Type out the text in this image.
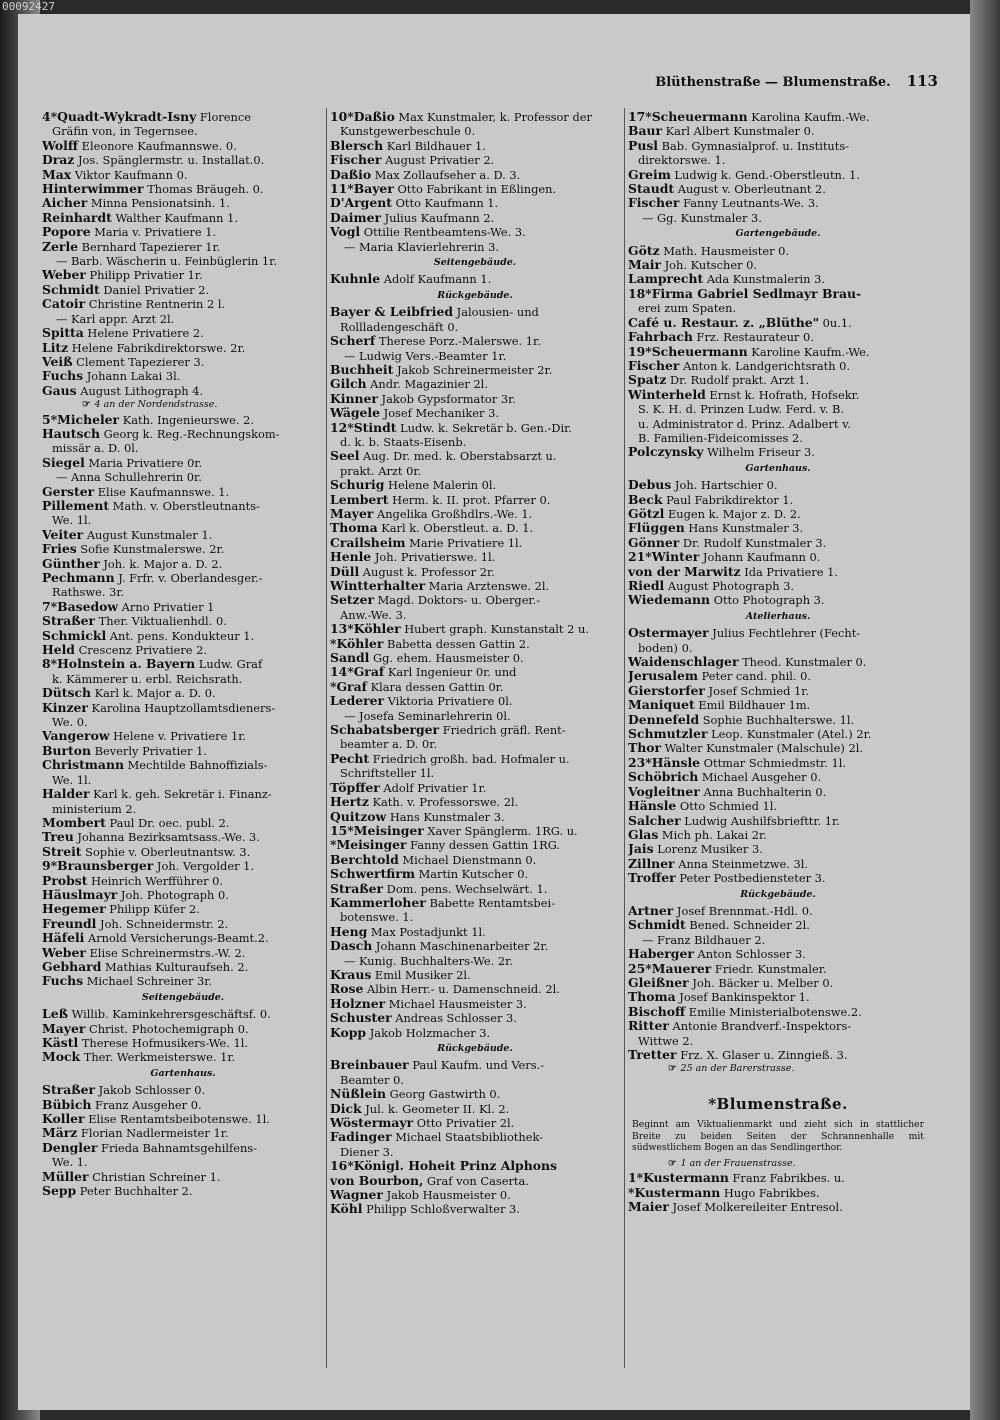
00092427
Blüthenstraße — Blumenstraße. 113
4*Quadt-Wykradt-Isny Florence
Gräfin von, in Tegernsee.
Wolff Eleonore Kaufmannswe. 0.
Draz Jos. Spänglermstr. u. Installat.0.
Max Viktor Kaufmann 0.
Hinterwimmer Thomas Bräugeh. 0.
Aicher Minna Pensionatsinh. 1.
Reinhardt Walther Kaufmann 1.
Popore Maria v. Privatiere 1.
Zerle Bernhard Tapezierer 1r.
— Barb. Wäscherin u. Feinbüglerin 1r.
Weber Philipp Privatier 1r.
Schmidt Daniel Privatier 2.
Catoir Christine Rentnerin 2 l.
— Karl appr. Arzt 2l.
Spitta Helene Privatiere 2.
Litz Helene Fabrikdirektorswe. 2r.
Veiß Clement Tapezierer 3.
Fuchs Johann Lakai 3l.
Gaus August Lithograph 4.
☞ 4 an der Nordendstrasse.
5*Micheler Kath. Ingenieurswe. 2.
Hautsch Georg k. Reg.-Rechnungskom-
missär a. D. 0l.
Siegel Maria Privatiere 0r.
— Anna Schullehrerin 0r.
Gerster Elise Kaufmannswe. 1.
Pillement Math. v. Oberstleutnants-
We. 1l.
Veiter August Kunstmaler 1.
Fries Sofie Kunstmalerswe. 2r.
Günther Joh. k. Major a. D. 2.
Pechmann J. Frfr. v. Oberlandesger.-
Rathswe. 3r.
7*Basedow Arno Privatier 1
Straßer Ther. Viktualienhdl. 0.
Schmickl Ant. pens. Kondukteur 1.
Held Crescenz Privatiere 2.
8*Holnstein a. Bayern Ludw. Graf
k. Kämmerer u. erbl. Reichsrath.
Dütsch Karl k. Major a. D. 0.
Kinzer Karolina Hauptzollamtsdieners-
We. 0.
Vangerow Helene v. Privatiere 1r.
Burton Beverly Privatier 1.
Christmann Mechtilde Bahnoffizials-
We. 1l.
Halder Karl k. geh. Sekretär i. Finanz-
ministerium 2.
Mombert Paul Dr. oec. publ. 2.
Treu Johanna Bezirksamtsass.-We. 3.
Streit Sophie v. Oberleutnantsw. 3.
9*Braunsberger Joh. Vergolder 1.
Probst Heinrich Werfführer 0.
Häuslmayr Joh. Photograph 0.
Hegemer Philipp Küfer 2.
Freundl Joh. Schneidermstr. 2.
Häfeli Arnold Versicherungs-Beamt.2.
Weber Elise Schreinermstrs.-W. 2.
Gebhard Mathias Kulturaufseh. 2.
Fuchs Michael Schreiner 3r.
Seitengebäude.
Leß Willib. Kaminkehrersgeschäftsf. 0.
Mayer Christ. Photochemigraph 0.
Kästl Therese Hofmusikers-We. 1l.
Mock Ther. Werkmeisterswe. 1r.
Gartenhaus.
Straßer Jakob Schlosser 0.
Bübich Franz Ausgeher 0.
Koller Elise Rentamtsbeibotenswe. 1l.
März Florian Nadlermeister 1r.
Dengler Frieda Bahnamtsgehilfens-
We. 1.
Müller Christian Schreiner 1.
Sepp Peter Buchhalter 2.
10*Daßio Max Kunstmaler, k. Professor der
Kunstgewerbeschule 0.
Blersch Karl Bildhauer 1.
Fischer August Privatier 2.
Daßio Max Zollaufseher a. D. 3.
11*Bayer Otto Fabrikant in Eßlingen.
D'Argent Otto Kaufmann 1.
Daimer Julius Kaufmann 2.
Vogl Ottilie Rentbeamtens-We. 3.
— Maria Klavierlehrerin 3.
Seitengebäude.
Kuhnle Adolf Kaufmann 1.
Rückgebäude.
Bayer & Leibfried Jalousien- und
Rollladengeschäft 0.
Scherf Therese Porz.-Malerswe. 1r.
— Ludwig Vers.-Beamter 1r.
Buchheit Jakob Schreinermeister 2r.
Gilch Andr. Magazinier 2l.
Kinner Jakob Gypsformator 3r.
Wägele Josef Mechaniker 3.
12*Stindt Ludw. k. Sekretär b. Gen.-Dir.
d. k. b. Staats-Eisenb.
Seel Aug. Dr. med. k. Oberstabsarzt u.
prakt. Arzt 0r.
Schurig Helene Malerin 0l.
Lembert Herm. k. II. prot. Pfarrer 0.
Mayer Angelika Großhdlrs.-We. 1.
Thoma Karl k. Oberstleut. a. D. 1.
Crailsheim Marie Privatiere 1l.
Henle Joh. Privatierswe. 1l.
Düll August k. Professor 2r.
Wintterhalter Maria Arztenswe. 2l.
Setzer Magd. Doktors- u. Oberger.-
Anw.-We. 3.
13*Köhler Hubert graph. Kunstanstalt 2 u.
*Köhler Babetta dessen Gattin 2.
Sandl Gg. ehem. Hausmeister 0.
14*Graf Karl Ingenieur 0r. und
*Graf Klara dessen Gattin 0r.
Lederer Viktoria Privatiere 0l.
— Josefa Seminarlehrerin 0l.
Schabatsberger Friedrich gräfl. Rent-
beamter a. D. 0r.
Pecht Friedrich großh. bad. Hofmaler u.
Schriftsteller 1l.
Töpffer Adolf Privatier 1r.
Hertz Kath. v. Professorswe. 2l.
Quitzow Hans Kunstmaler 3.
15*Meisinger Xaver Spänglerm. 1RG. u.
*Meisinger Fanny dessen Gattin 1RG.
Berchtold Michael Dienstmann 0.
Schwertfirm Martin Kutscher 0.
Straßer Dom. pens. Wechselwärt. 1.
Kammerloher Babette Rentamtsbei-
botenswe. 1.
Heng Max Postadjunkt 1l.
Dasch Johann Maschinenarbeiter 2r.
— Kunig. Buchhalters-We. 2r.
Kraus Emil Musiker 2l.
Rose Albin Herr.- u. Damenschneid. 2l.
Holzner Michael Hausmeister 3.
Schuster Andreas Schlosser 3.
Kopp Jakob Holzmacher 3.
Rückgebäude.
Breinbauer Paul Kaufm. und Vers.-
Beamter 0.
Nüßlein Georg Gastwirth 0.
Dick Jul. k. Geometer II. Kl. 2.
Wöstermayr Otto Privatier 2l.
Fadinger Michael Staatsbibliothek-
Diener 3.
16*Königl. Hoheit Prinz Alphons
von Bourbon, Graf von Caserta.
Wagner Jakob Hausmeister 0.
Köhl Philipp Schloßverwalter 3.
17*Scheuermann Karolina Kaufm.-We.
Baur Karl Albert Kunstmaler 0.
Pusl Bab. Gymnasialprof. u. Instituts-
direktorswe. 1.
Greim Ludwig k. Gend.-Oberstleutn. 1.
Staudt August v. Oberleutnant 2.
Fischer Fanny Leutnants-We. 3.
— Gg. Kunstmaler 3.
Gartengebäude.
Götz Math. Hausmeister 0.
Mair Joh. Kutscher 0.
Lamprecht Ada Kunstmalerin 3.
18*Firma Gabriel Sedlmayr Brau-
erei zum Spaten.
Café u. Restaur. z. „Blüthe" 0u.1.
Fahrbach Frz. Restaurateur 0.
19*Scheuermann Karoline Kaufm.-We.
Fischer Anton k. Landgerichtsrath 0.
Spatz Dr. Rudolf prakt. Arzt 1.
Winterheld Ernst k. Hofrath, Hofsekr.
S. K. H. d. Prinzen Ludw. Ferd. v. B.
u. Administrator d. Prinz. Adalbert v.
B. Familien-Fideicomisses 2.
Polczynsky Wilhelm Friseur 3.
Gartenhaus.
Debus Joh. Hartschier 0.
Beck Paul Fabrikdirektor 1.
Götzl Eugen k. Major z. D. 2.
Flüggen Hans Kunstmaler 3.
Gönner Dr. Rudolf Kunstmaler 3.
21*Winter Johann Kaufmann 0.
von der Marwitz Ida Privatiere 1.
Riedl August Photograph 3.
Wiedemann Otto Photograph 3.
Atelierhaus.
Ostermayer Julius Fechtlehrer (Fecht-
boden) 0.
Waidenschlager Theod. Kunstmaler 0.
Jerusalem Peter cand. phil. 0.
Gierstorfer Josef Schmied 1r.
Maniquet Emil Bildhauer 1m.
Dennefeld Sophie Buchhalterswe. 1l.
Schmutzler Leop. Kunstmaler (Atel.) 2r.
Thor Walter Kunstmaler (Malschule) 2l.
23*Hänsle Ottmar Schmiedmstr. 1l.
Schöbrich Michael Ausgeher 0.
Vogleitner Anna Buchhalterin 0.
Hänsle Otto Schmied 1l.
Salcher Ludwig Aushilfsbriefttr. 1r.
Glas Mich ph. Lakai 2r.
Jais Lorenz Musiker 3.
Zillner Anna Steinmetzwe. 3l.
Troffer Peter Postbediensteter 3.
Rückgebäude.
Artner Josef Brennmat.-Hdl. 0.
Schmidt Bened. Schneider 2l.
— Franz Bildhauer 2.
Haberger Anton Schlosser 3.
25*Mauerer Friedr. Kunstmaler.
Gleißner Joh. Bäcker u. Melber 0.
Thoma Josef Bankinspektor 1.
Bischoff Emilie Ministerialbotenswe.2.
Ritter Antonie Brandverf.-Inspektors-
Wittwe 2.
Tretter Frz. X. Glaser u. Zinngieß. 3.
☞ 25 an der Barerstrasse.
*Blumenstraße.
Beginnt am Viktualienmarkt und zieht sich in stattlicher Breite zu beiden Seiten der Schrannenhalle mit südwestlichem Bogen an das Sendlingerthor.
☞ 1 an der Frauenstrasse.
1*Kustermann Franz Fabrikbes. u.
*Kustermann Hugo Fabrikbes.
Maier Josef Molkereileiter Entresol.
